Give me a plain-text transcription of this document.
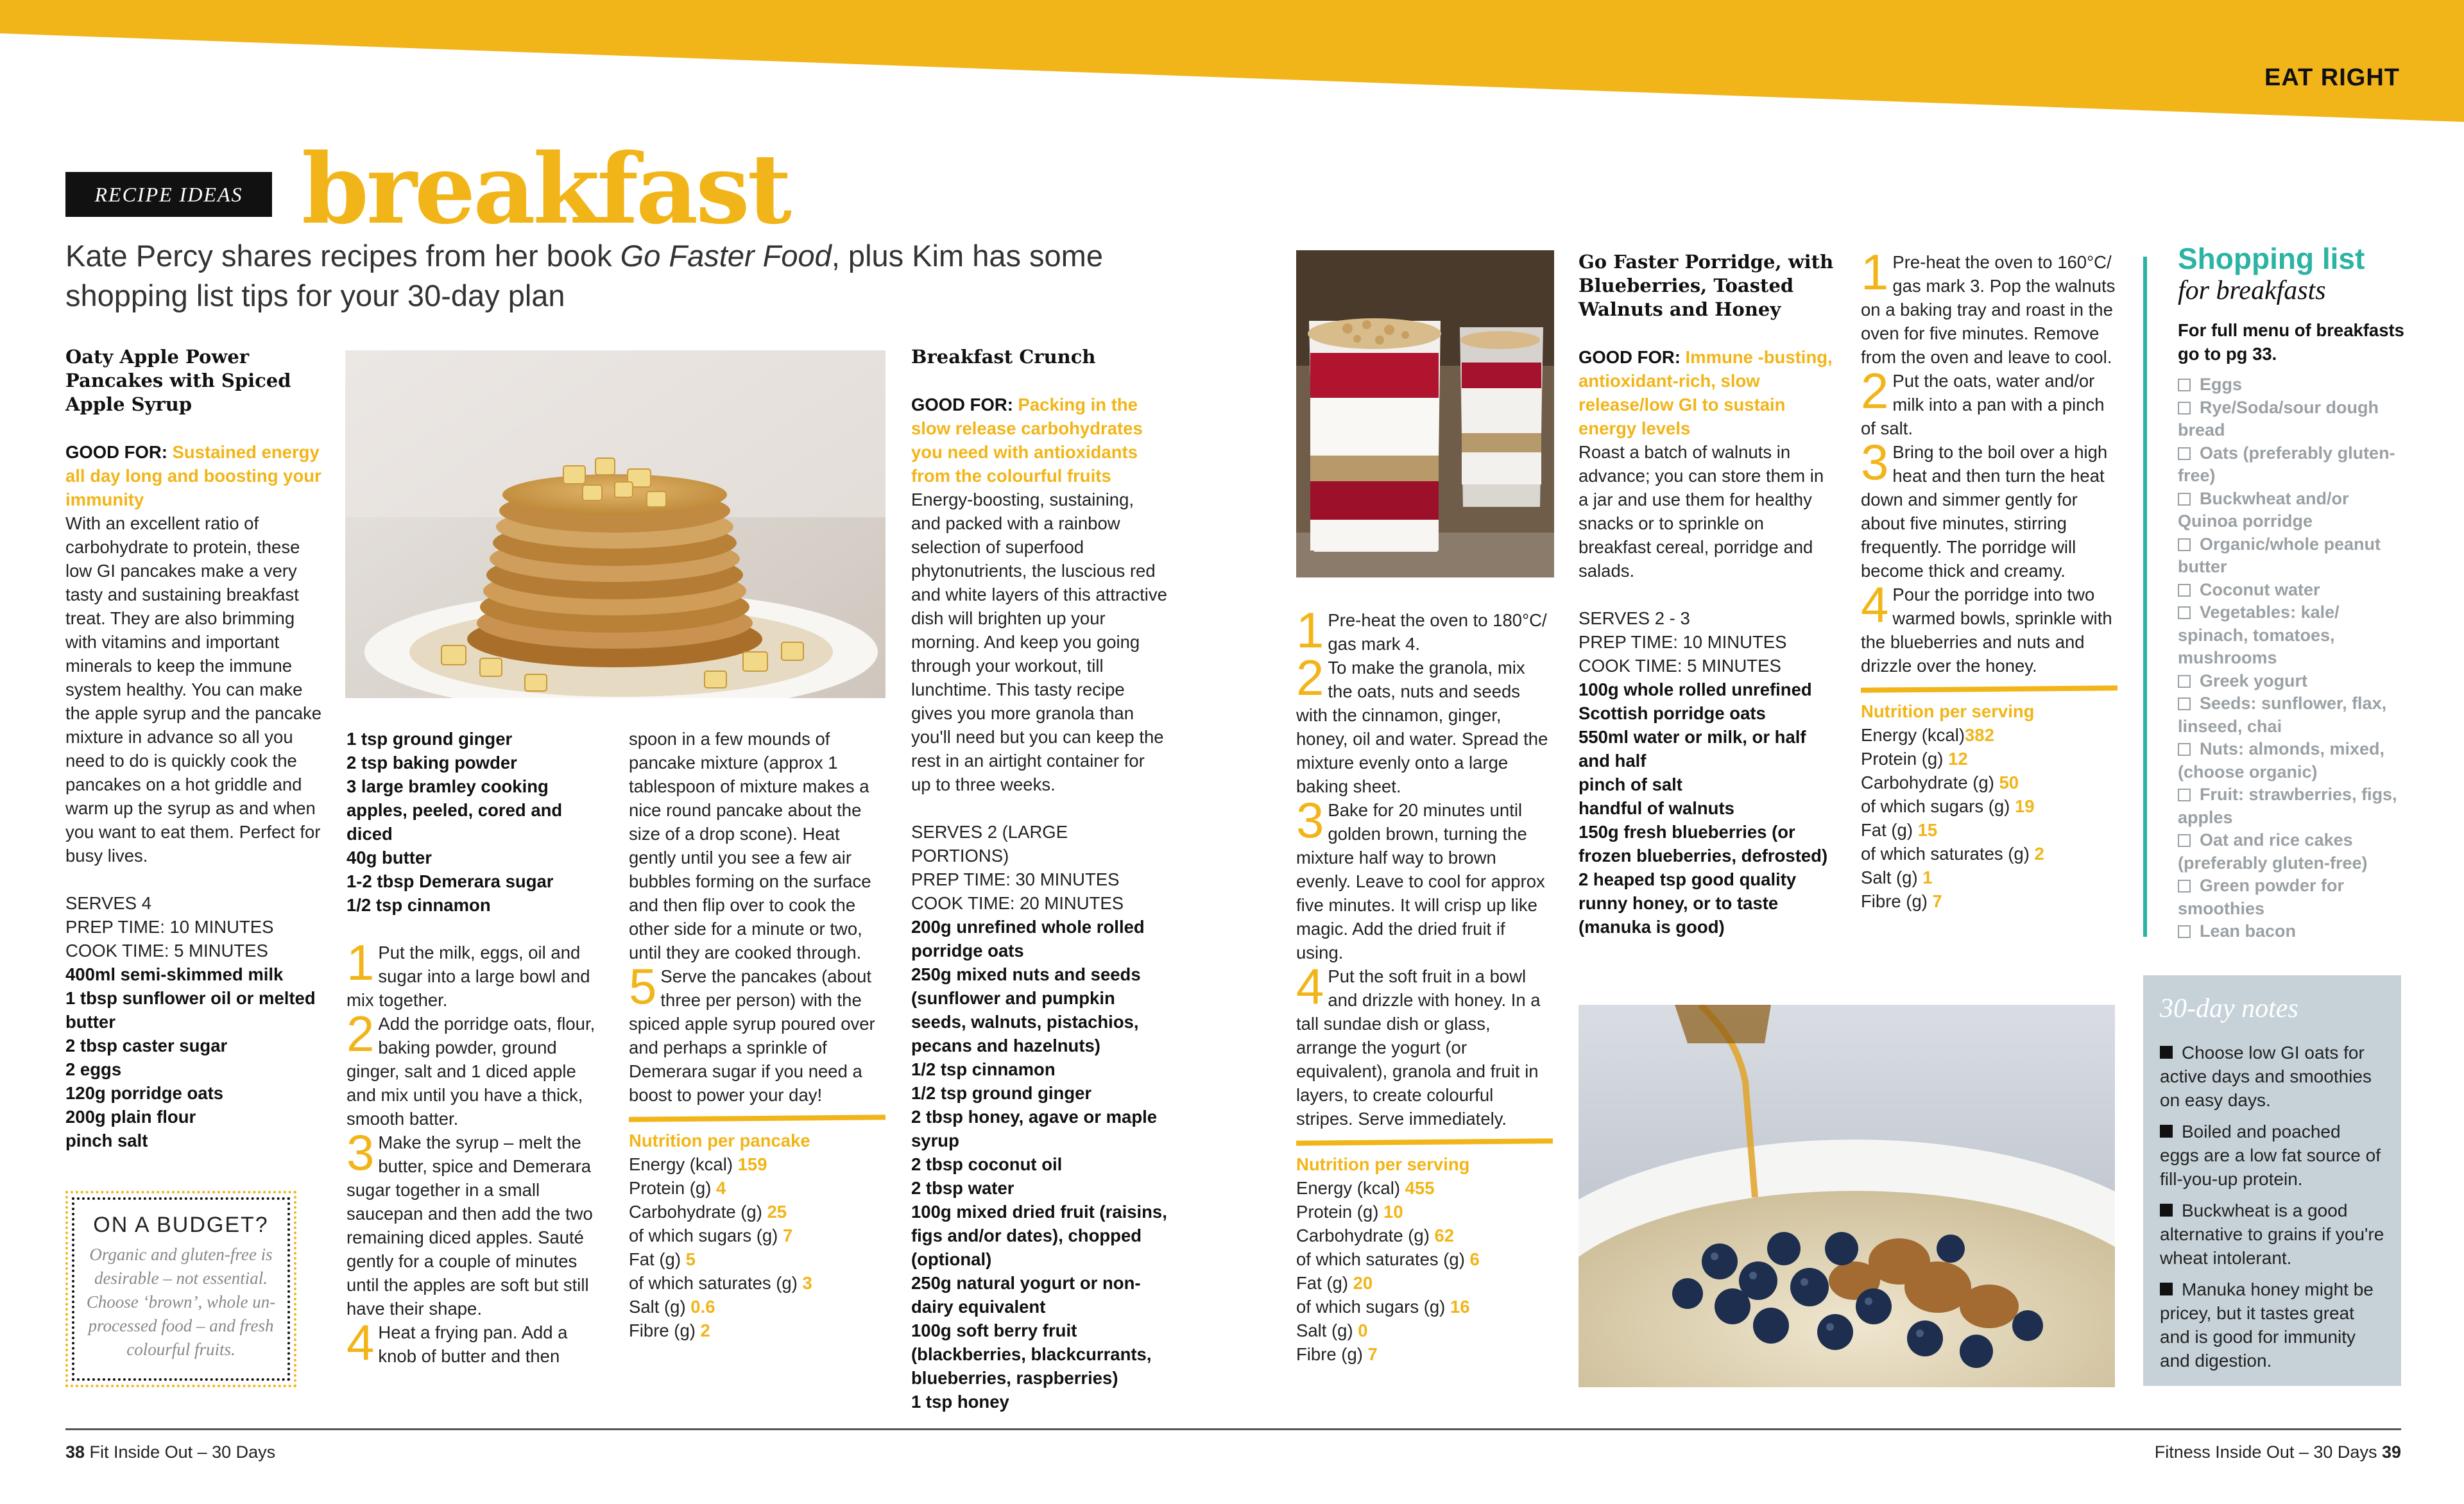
EAT RIGHT
RECIPE IDEAS breakfast
Kate Percy shares recipes from her book Go Faster Food, plus Kim has some shopping list tips for your 30-day plan
Oaty Apple Power Pancakes with Spiced Apple Syrup
GOOD FOR: Sustained energy all day long and boosting your immunity
With an excellent ratio of carbohydrate to protein, these low GI pancakes make a very tasty and sustaining breakfast treat. They are also brimming with vitamins and important minerals to keep the immune system healthy. You can make the apple syrup and the pancake mixture in advance so all you need to do is quickly cook the pancakes on a hot griddle and warm up the syrup as and when you want to eat them. Perfect for busy lives.
SERVES 4
PREP TIME: 10 MINUTES
COOK TIME: 5 MINUTES
400ml semi-skimmed milk
1 tbsp sunflower oil or melted butter
2 tbsp caster sugar
2 eggs
120g porridge oats
200g plain flour
pinch salt
1 tsp ground ginger
2 tsp baking powder
3 large bramley cooking apples, peeled, cored and diced
40g butter
1-2 tbsp Demerara sugar
1/2 tsp cinnamon
1 Put the milk, eggs, oil and sugar into a large bowl and mix together.
2 Add the porridge oats, flour, baking powder, ground ginger, salt and 1 diced apple and mix until you have a thick, smooth batter.
3 Make the syrup – melt the butter, spice and Demerara sugar together in a small saucepan and then add the two remaining diced apples. Sauté gently for a couple of minutes until the apples are soft but still have their shape.
4 Heat a frying pan. Add a knob of butter and then
spoon in a few mounds of pancake mixture (approx 1 tablespoon of mixture makes a nice round pancake about the size of a drop scone). Heat gently until you see a few air bubbles forming on the surface and then flip over to cook the other side for a minute or two, until they are cooked through.
5 Serve the pancakes (about three per person) with the spiced apple syrup poured over and perhaps a sprinkle of Demerara sugar if you need a boost to power your day!
Nutrition per pancake
Energy (kcal) 159
Protein (g) 4
Carbohydrate (g) 25
of which sugars (g) 7
Fat (g) 5
of which saturates (g) 3
Salt (g) 0.6
Fibre (g) 2
ON A BUDGET?
Organic and gluten-free is desirable – not essential. Choose ‘brown’, whole un-processed food – and fresh colourful fruits.
Breakfast Crunch
GOOD FOR: Packing in the slow release carbohydrates you need with antioxidants from the colourful fruits
Energy-boosting, sustaining, and packed with a rainbow selection of superfood phytonutrients, the luscious red and white layers of this attractive dish will brighten up your morning. And keep you going through your workout, till lunchtime. This tasty recipe gives you more granola than you'll need but you can keep the rest in an airtight container for up to three weeks.
SERVES 2 (LARGE PORTIONS)
PREP TIME: 30 MINUTES
COOK TIME: 20 MINUTES
200g unrefined whole rolled porridge oats
250g mixed nuts and seeds (sunflower and pumpkin seeds, walnuts, pistachios, pecans and hazelnuts)
1/2 tsp cinnamon
1/2 tsp ground ginger
2 tbsp honey, agave or maple syrup
2 tbsp coconut oil
2 tbsp water
100g mixed dried fruit (raisins, figs and/or dates), chopped (optional)
250g natural yogurt or non-dairy equivalent
100g soft berry fruit (blackberries, blackcurrants, blueberries, raspberries)
1 tsp honey
1 Pre-heat the oven to 180°C/ gas mark 4.
2 To make the granola, mix the oats, nuts and seeds with the cinnamon, ginger, honey, oil and water. Spread the mixture evenly onto a large baking sheet.
3 Bake for 20 minutes until golden brown, turning the mixture half way to brown evenly. Leave to cool for approx five minutes. It will crisp up like magic. Add the dried fruit if using.
4 Put the soft fruit in a bowl and drizzle with honey. In a tall sundae dish or glass, arrange the yogurt (or equivalent), granola and fruit in layers, to create colourful stripes. Serve immediately.
Nutrition per serving
Energy (kcal) 455
Protein (g) 10
Carbohydrate (g) 62
of which saturates (g) 6
Fat (g) 20
of which sugars (g) 16
Salt (g) 0
Fibre (g) 7
Go Faster Porridge, with Blueberries, Toasted Walnuts and Honey
GOOD FOR: Immune -busting, antioxidant-rich, slow release/low GI to sustain energy levels
Roast a batch of walnuts in advance; you can store them in a jar and use them for healthy snacks or to sprinkle on breakfast cereal, porridge and salads.
SERVES 2 - 3
PREP TIME: 10 MINUTES
COOK TIME: 5 MINUTES
100g whole rolled unrefined Scottish porridge oats
550ml water or milk, or half and half
pinch of salt
handful of walnuts
150g fresh blueberries (or frozen blueberries, defrosted)
2 heaped tsp good quality runny honey, or to taste (manuka is good)
1 Pre-heat the oven to 160°C/ gas mark 3. Pop the walnuts on a baking tray and roast in the oven for five minutes. Remove from the oven and leave to cool.
2 Put the oats, water and/or milk into a pan with a pinch of salt.
3 Bring to the boil over a high heat and then turn the heat down and simmer gently for about five minutes, stirring frequently. The porridge will become thick and creamy.
4 Pour the porridge into two warmed bowls, sprinkle with the blueberries and nuts and drizzle over the honey.
Nutrition per serving
Energy (kcal)382
Protein (g) 12
Carbohydrate (g) 50
of which sugars (g) 19
Fat (g) 15
of which saturates (g) 2
Salt (g) 1
Fibre (g) 7
Shopping list
for breakfasts
For full menu of breakfasts go to pg 33.
Eggs
Rye/Soda/sour dough bread
Oats (preferably gluten-free)
Buckwheat and/or Quinoa porridge
Organic/whole peanut butter
Coconut water
Vegetables: kale/ spinach, tomatoes, mushrooms
Greek yogurt
Seeds: sunflower, flax, linseed, chai
Nuts: almonds, mixed, (choose organic)
Fruit: strawberries, figs, apples
Oat and rice cakes (preferably gluten-free)
Green powder for smoothies
Lean bacon
30-day notes
Choose low GI oats for active days and smoothies on easy days.
Boiled and poached eggs are a low fat source of fill-you-up protein.
Buckwheat is a good alternative to grains if you're wheat intolerant.
Manuka honey might be pricey, but it tastes great and is good for immunity and digestion.
38 Fit Inside Out – 30 Days	Fitness Inside Out – 30 Days 39
